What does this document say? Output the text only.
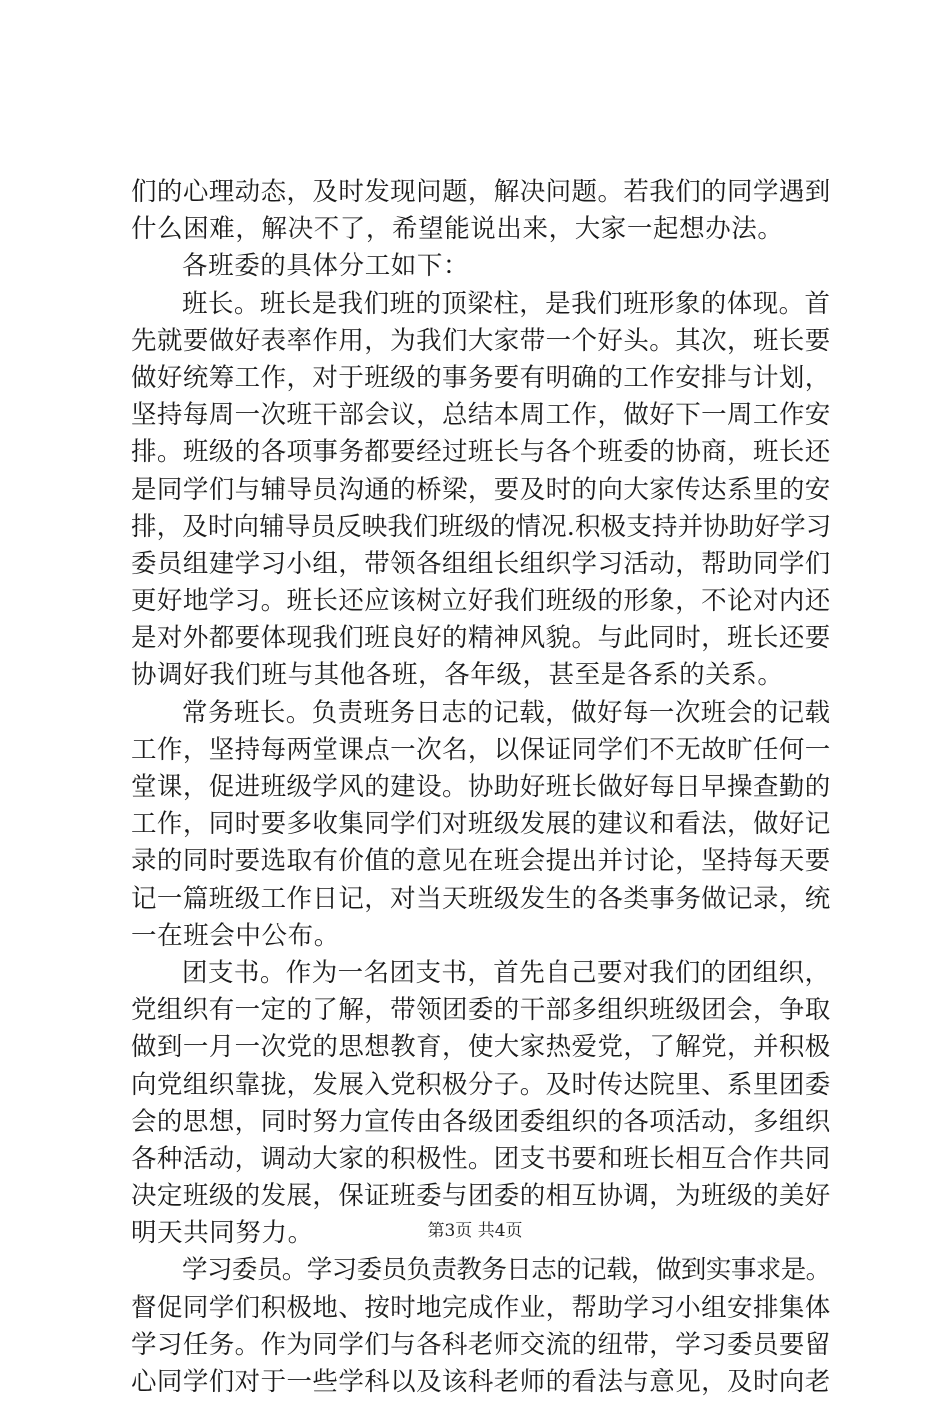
们的心理动态，及时发现问题，解决问题。若我们的同学遇到
什么困难，解决不了，希望能说出来，大家一起想办法。
各班委的具体分工如下：
班长。班长是我们班的顶梁柱，是我们班形象的体现。首
先就要做好表率作用，为我们大家带一个好头。其次，班长要
做好统筹工作，对于班级的事务要有明确的工作安排与计划，
坚持每周一次班干部会议，总结本周工作，做好下一周工作安
排。班级的各项事务都要经过班长与各个班委的协商，班长还
是同学们与辅导员沟通的桥梁，要及时的向大家传达系里的安
排，及时向辅导员反映我们班级的情况.积极支持并协助好学习
委员组建学习小组，带领各组组长组织学习活动，帮助同学们
更好地学习。班长还应该树立好我们班级的形象，不论对内还
是对外都要体现我们班良好的精神风貌。与此同时，班长还要
协调好我们班与其他各班，各年级，甚至是各系的关系。
常务班长。负责班务日志的记载，做好每一次班会的记载
工作，坚持每两堂课点一次名，以保证同学们不无故旷任何一
堂课，促进班级学风的建设。协助好班长做好每日早操查勤的
工作，同时要多收集同学们对班级发展的建议和看法，做好记
录的同时要选取有价值的意见在班会提出并讨论，坚持每天要
记一篇班级工作日记，对当天班级发生的各类事务做记录，统
一在班会中公布。
团支书。作为一名团支书，首先自己要对我们的团组织，
党组织有一定的了解，带领团委的干部多组织班级团会，争取
做到一月一次党的思想教育，使大家热爱党，了解党，并积极
向党组织靠拢，发展入党积极分子。及时传达院里、系里团委
会的思想，同时努力宣传由各级团委组织的各项活动，多组织
各种活动，调动大家的积极性。团支书要和班长相互合作共同
决定班级的发展，保证班委与团委的相互协调，为班级的美好
明天共同努力。
学习委员。学习委员负责教务日志的记载，做到实事求是。
督促同学们积极地、按时地完成作业，帮助学习小组安排集体
学习任务。作为同学们与各科老师交流的纽带，学习委员要留
心同学们对于一些学科以及该科老师的看法与意见，及时向老
第3页 共4页
